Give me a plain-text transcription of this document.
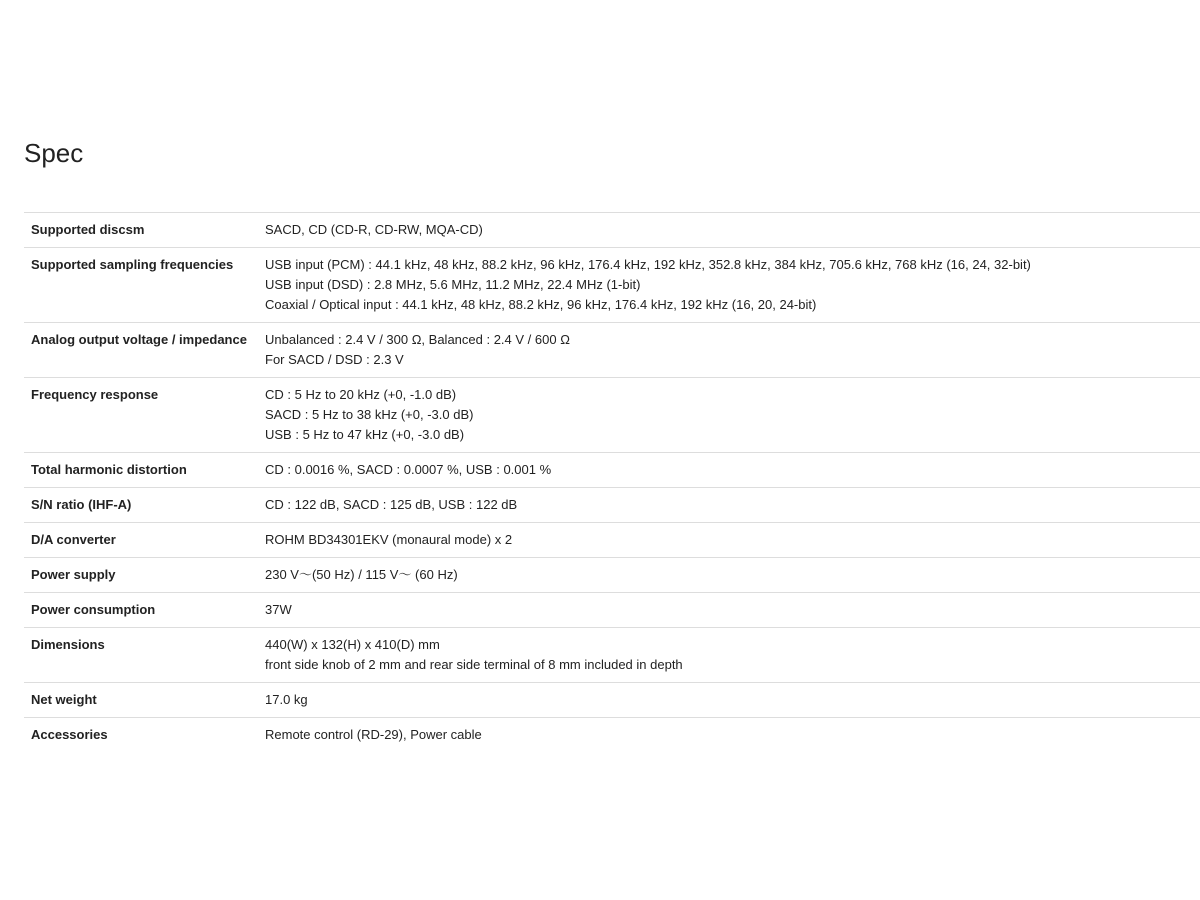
Spec
Supported discsm	SACD, CD (CD-R, CD-RW, MQA-CD)

Supported sampling frequencies	USB input (PCM) : 44.1 kHz, 48 kHz, 88.2 kHz, 96 kHz, 176.4 kHz, 192 kHz, 352.8 kHz, 384 kHz, 705.6 kHz, 768 kHz (16, 24, 32-bit)
USB input (DSD) : 2.8 MHz, 5.6 MHz, 11.2 MHz, 22.4 MHz (1-bit)
Coaxial / Optical input : 44.1 kHz, 48 kHz, 88.2 kHz, 96 kHz, 176.4 kHz, 192 kHz (16, 20, 24-bit)

Analog output voltage / impedance	Unbalanced : 2.4 V / 300 Ω, Balanced : 2.4 V / 600 Ω
For SACD / DSD : 2.3 V

Frequency response	CD : 5 Hz to 20 kHz (+0, -1.0 dB)
SACD : 5 Hz to 38 kHz (+0, -3.0 dB)
USB : 5 Hz to 47 kHz (+0, -3.0 dB)

Total harmonic distortion	CD : 0.0016 %, SACD : 0.0007 %, USB : 0.001 %

S/N ratio (IHF-A)	CD : 122 dB, SACD : 125 dB, USB : 122 dB

D/A converter	ROHM BD34301EKV (monaural mode) x 2

Power supply	230 V〜(50 Hz) / 115 V〜 (60 Hz)

Power consumption	37W

Dimensions	440(W) x 132(H) x 410(D) mm
front side knob of 2 mm and rear side terminal of 8 mm included in depth

Net weight	17.0 kg

Accessories	Remote control (RD-29), Power cable
